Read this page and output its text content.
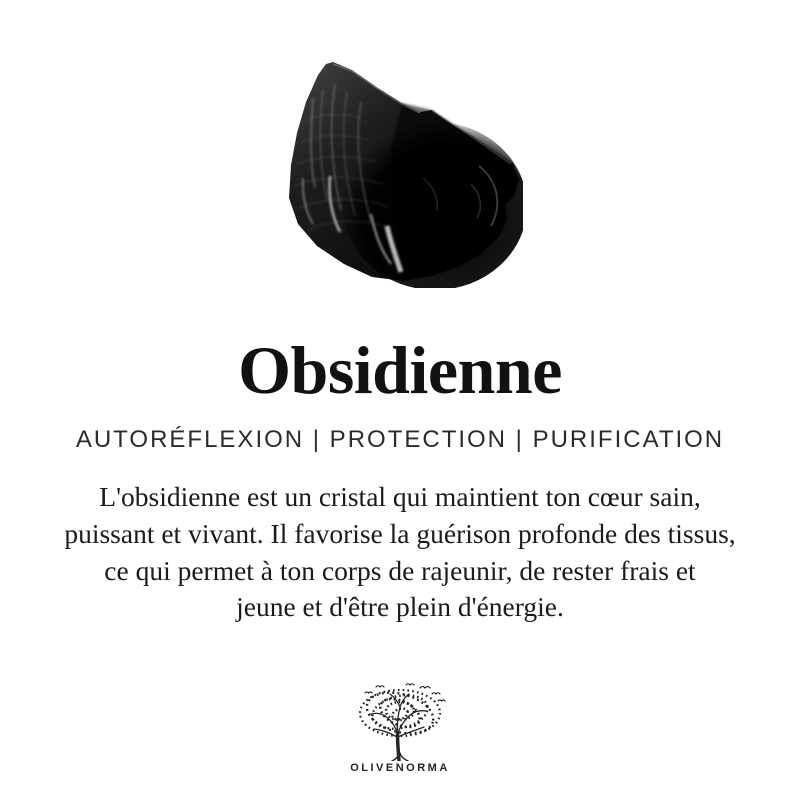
Obsidienne
AUTORÉFLEXION | PROTECTION | PURIFICATION
L'obsidienne est un cristal qui maintient ton cœur sain,
puissant et vivant. Il favorise la guérison profonde des tissus,
ce qui permet à ton corps de rajeunir, de rester frais et
jeune et d'être plein d'énergie.
OLIVENORMA
